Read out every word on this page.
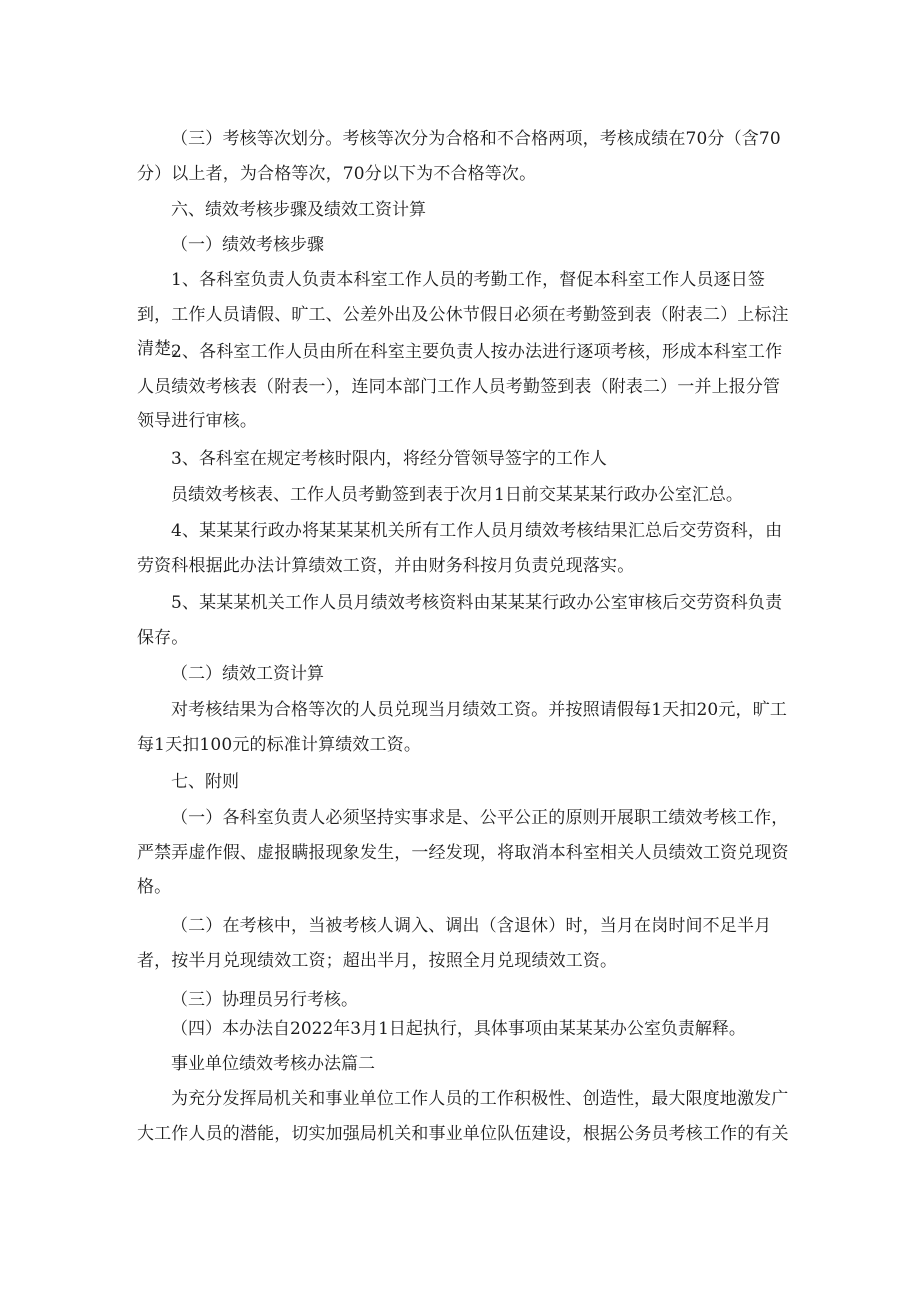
（三）考核等次划分。考核等次分为合格和不合格两项，考核成绩在70分（含70分）以上者，为合格等次，70分以下为不合格等次。
六、绩效考核步骤及绩效工资计算
（一）绩效考核步骤
1、各科室负责人负责本科室工作人员的考勤工作，督促本科室工作人员逐日签到，工作人员请假、旷工、公差外出及公休节假日必须在考勤签到表（附表二）上标注清楚。
2、各科室工作人员由所在科室主要负责人按办法进行逐项考核，形成本科室工作人员绩效考核表（附表一），连同本部门工作人员考勤签到表（附表二）一并上报分管领导进行审核。
3、各科室在规定考核时限内，将经分管领导签字的工作人
员绩效考核表、工作人员考勤签到表于次月1日前交某某某行政办公室汇总。
4、某某某行政办将某某某机关所有工作人员月绩效考核结果汇总后交劳资科，由劳资科根据此办法计算绩效工资，并由财务科按月负责兑现落实。
5、某某某机关工作人员月绩效考核资料由某某某行政办公室审核后交劳资科负责保存。
（二）绩效工资计算
对考核结果为合格等次的人员兑现当月绩效工资。并按照请假每1天扣20元，旷工每1天扣100元的标准计算绩效工资。
七、附则
（一）各科室负责人必须坚持实事求是、公平公正的原则开展职工绩效考核工作，严禁弄虚作假、虚报瞒报现象发生，一经发现，将取消本科室相关人员绩效工资兑现资格。
（二）在考核中，当被考核人调入、调出（含退休）时，当月在岗时间不足半月者，按半月兑现绩效工资；超出半月，按照全月兑现绩效工资。
（三）协理员另行考核。
（四）本办法自2022年3月1日起执行，具体事项由某某某办公室负责解释。
事业单位绩效考核办法篇二
为充分发挥局机关和事业单位工作人员的工作积极性、创造性，最大限度地激发广大工作人员的潜能，切实加强局机关和事业单位队伍建设，根据公务员考核工作的有关
